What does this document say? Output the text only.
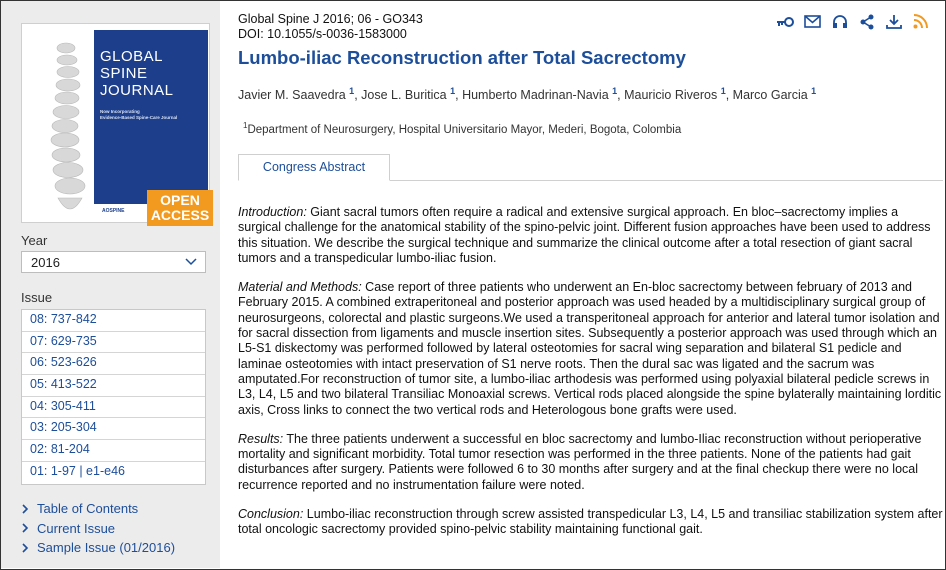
GLOBAL
SPINE
JOURNAL
Now Incorporating
Evidence-Based Spine-Care Journal
AOSPINE
OPEN ACCESS
Year
2016
Issue
08: 737-842
07: 629-735
06: 523-626
05: 413-522
04: 305-411
03: 205-304
02: 81-204
01: 1-97 | e1-e46
Table of Contents
Current Issue
Sample Issue (01/2016)
Global Spine J 2016; 06 - GO343
DOI: 10.1055/s-0036-1583000
Lumbo-iliac Reconstruction after Total Sacrectomy
Javier M. Saavedra $^1$, Jose L. Buritica $^1$, Humberto Madrinan-Navia $^1$, Mauricio Riveros $^1$, Marco Garcia $^1$
$^1$Department of Neurosurgery, Hospital Universitario Mayor, Mederi, Bogota, Colombia
Congress Abstract

Introduction: Giant sacral tumors often require a radical and extensive surgical approach. En bloc–sacrectomy implies a surgical challenge for the anatomical stability of the spino-pelvic joint. Different fusion approaches have been used to address this situation. We describe the surgical technique and summarize the clinical outcome after a total resection of giant sacral tumors and a transpedicular lumbo-iliac fusion.

Material and Methods: Case report of three patients who underwent an En-bloc sacrectomy between february of 2013 and February 2015. A combined extraperitoneal and posterior approach was used headed by a multidisciplinary surgical group of neurosurgeons, colorectal and plastic surgeons.We used a transperitoneal approach for anterior and lateral tumor isolation and for sacral dissection from ligaments and muscle insertion sites. Subsequently a posterior approach was used through which an L5-S1 diskectomy was performed followed by lateral osteotomies for sacral wing separation and bilateral S1 pedicle and laminae osteotomies with intact preservation of S1 nerve roots. Then the dural sac was ligated and the sacrum was amputated.For reconstruction of tumor site, a lumbo-iliac arthodesis was performed using polyaxial bilateral pedicle screws in L3, L4, L5 and two bilateral Transiliac Monoaxial screws. Vertical rods placed alongside the spine bylaterally maintaining lorditic axis, Cross links to connect the two vertical rods and Heterologous bone grafts were used.

Results: The three patients underwent a successful en bloc sacrectomy and lumbo-Iliac reconstruction without perioperative mortality and significant morbidity. Total tumor resection was performed in the three patients. None of the patients had gait disturbances after surgery. Patients were followed 6 to 30 months after surgery and at the final checkup there were no local recurrence reported and no instrumentation failure were noted.

Conclusion: Lumbo-iliac reconstruction through screw assisted transpedicular L3, L4, L5 and transiliac stabilization system after total oncologic sacrectomy provided spino-pelvic stability maintaining functional gait.
